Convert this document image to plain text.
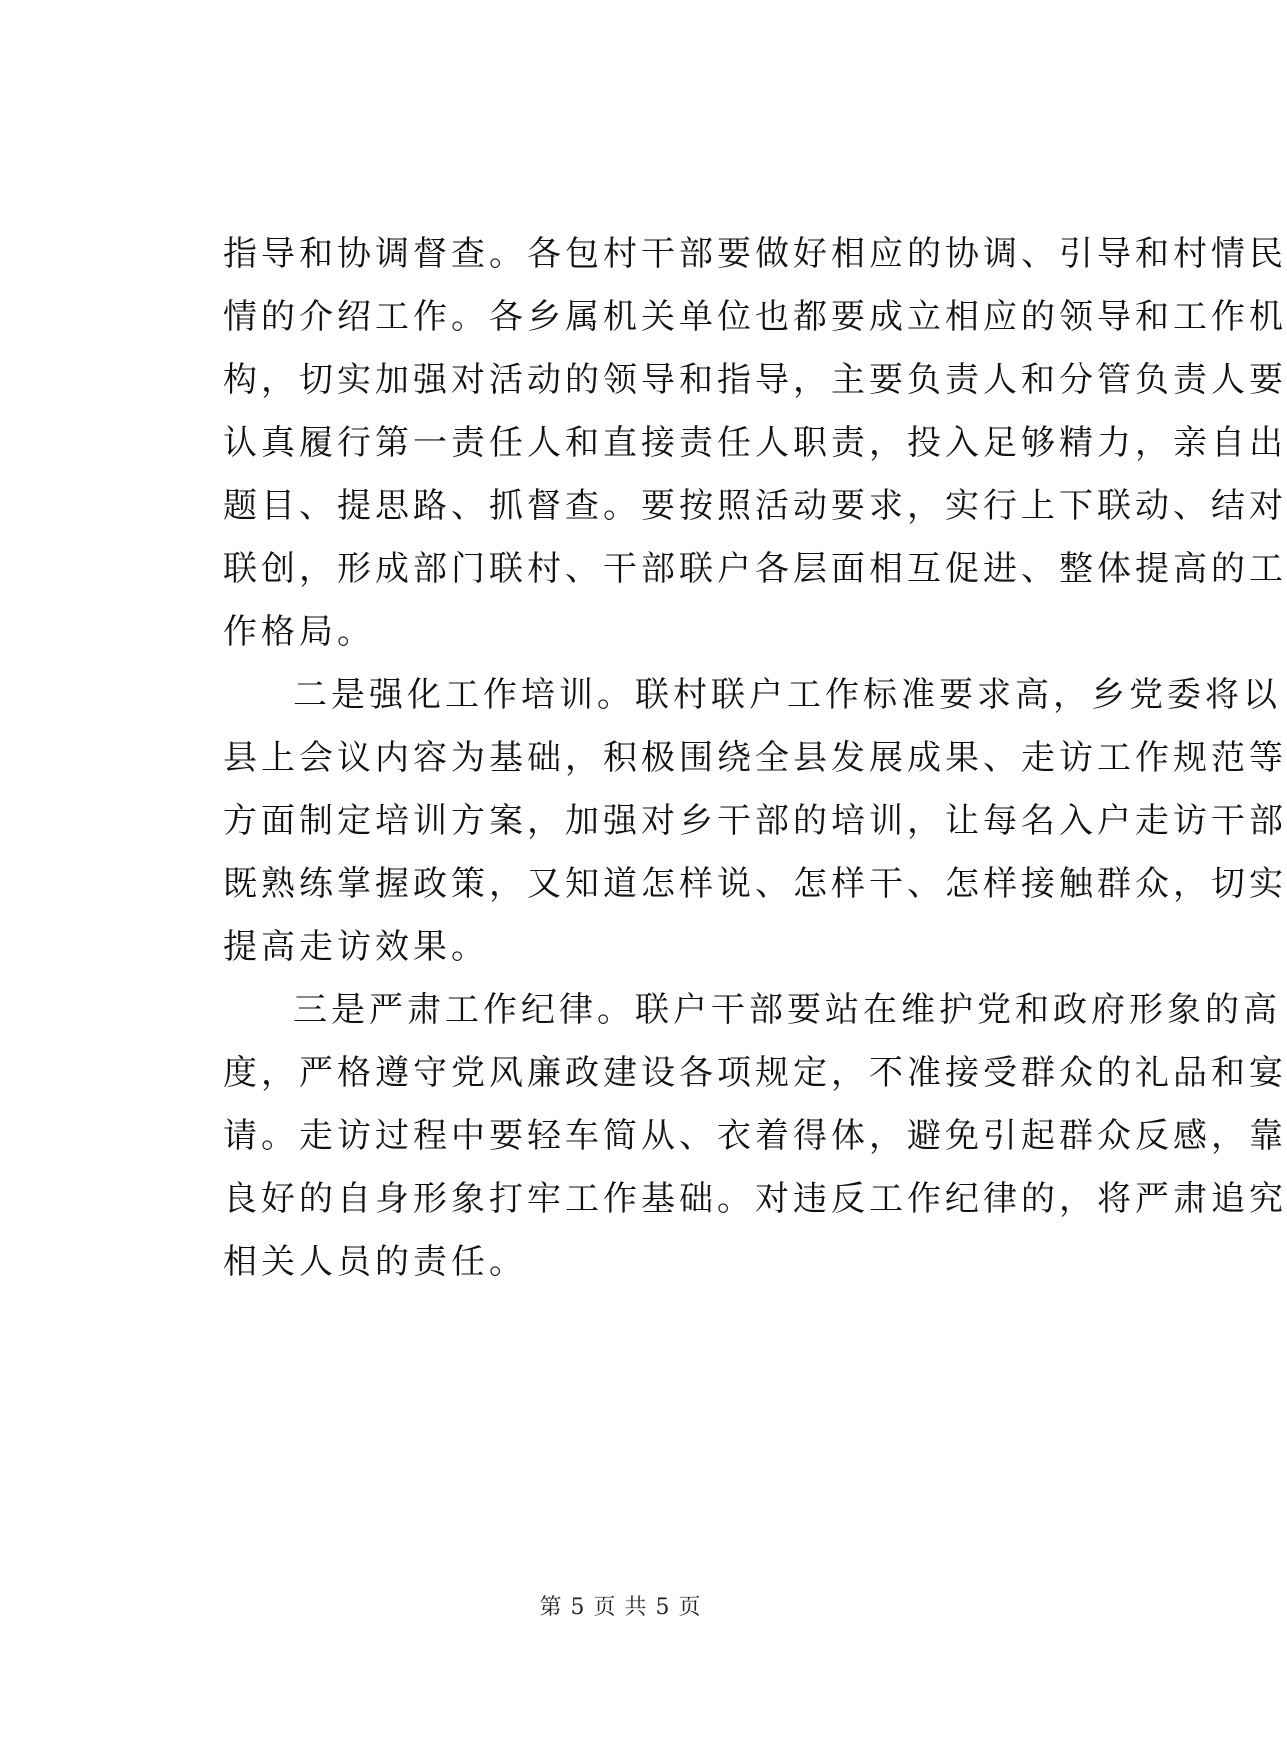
指导和协调督查。各包村干部要做好相应的协调、引导和村情民
情的介绍工作。各乡属机关单位也都要成立相应的领导和工作机
构，切实加强对活动的领导和指导，主要负责人和分管负责人要
认真履行第一责任人和直接责任人职责，投入足够精力，亲自出
题目、提思路、抓督查。要按照活动要求，实行上下联动、结对
联创，形成部门联村、干部联户各层面相互促进、整体提高的工
作格局。
二是强化工作培训。联村联户工作标准要求高，乡党委将以
县上会议内容为基础，积极围绕全县发展成果、走访工作规范等
方面制定培训方案，加强对乡干部的培训，让每名入户走访干部
既熟练掌握政策，又知道怎样说、怎样干、怎样接触群众，切实
提高走访效果。
三是严肃工作纪律。联户干部要站在维护党和政府形象的高
度，严格遵守党风廉政建设各项规定，不准接受群众的礼品和宴
请。走访过程中要轻车简从、衣着得体，避免引起群众反感，靠
良好的自身形象打牢工作基础。对违反工作纪律的，将严肃追究
相关人员的责任。
第 5 页 共 5 页
